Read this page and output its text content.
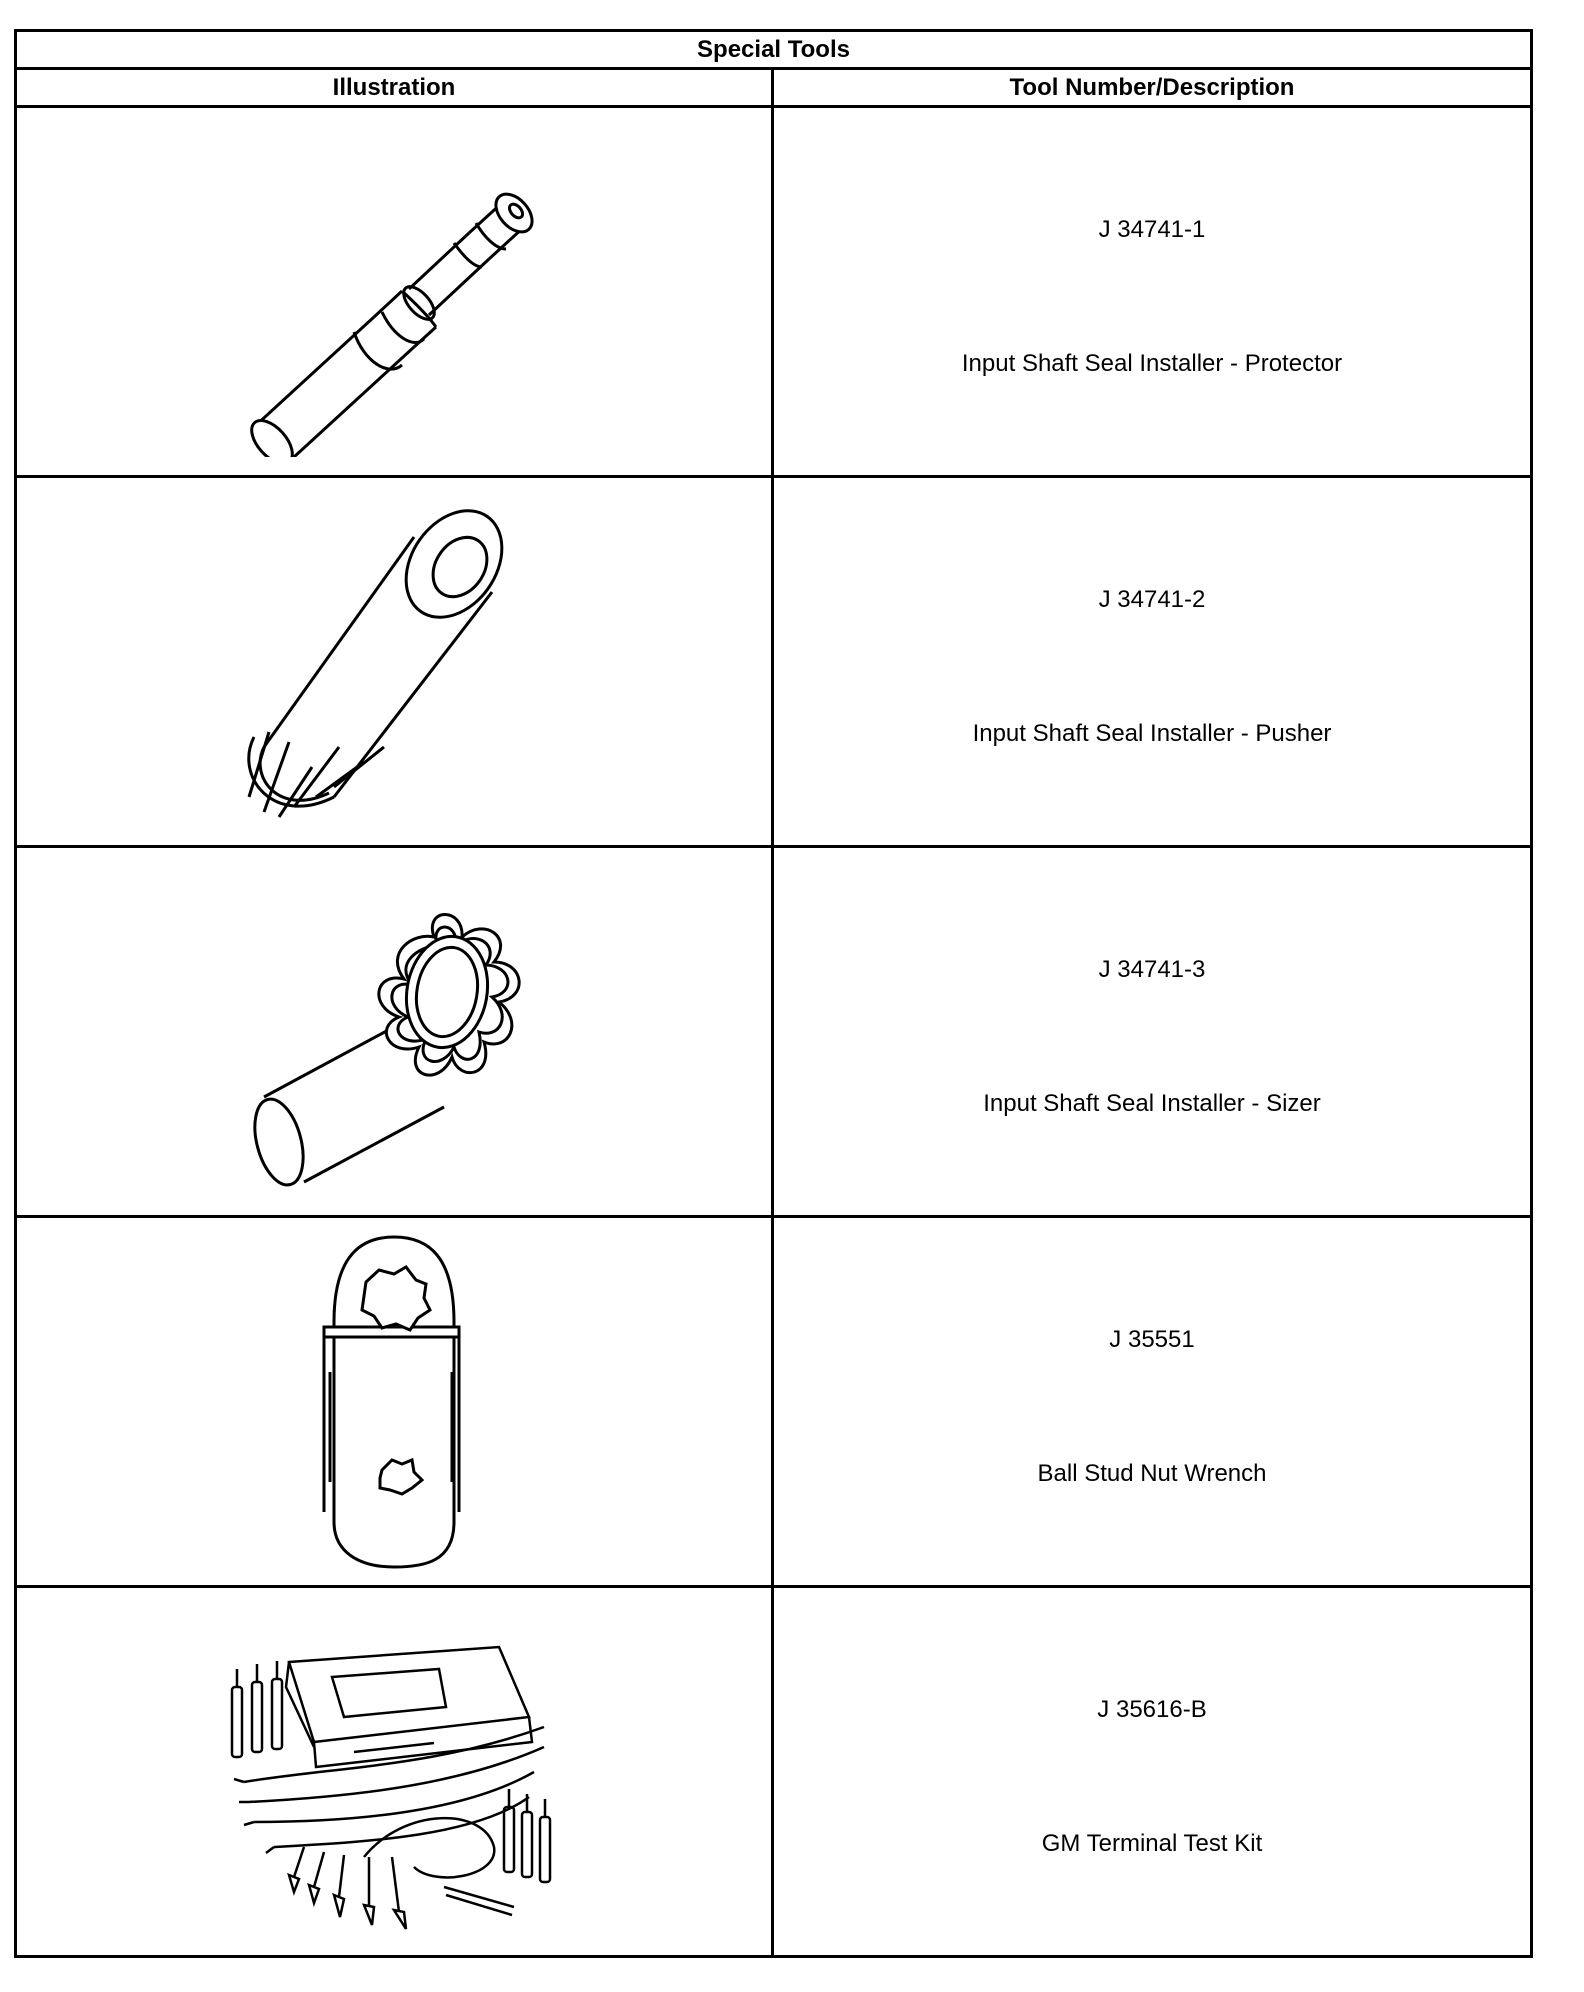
Special Tools	
Illustration	Tool Number/Description

J 34741-1
Input Shaft Seal Installer - Protector

J 34741-2
Input Shaft Seal Installer - Pusher

J 34741-3
Input Shaft Seal Installer - Sizer

J 35551
Ball Stud Nut Wrench

J 35616-B
GM Terminal Test Kit
